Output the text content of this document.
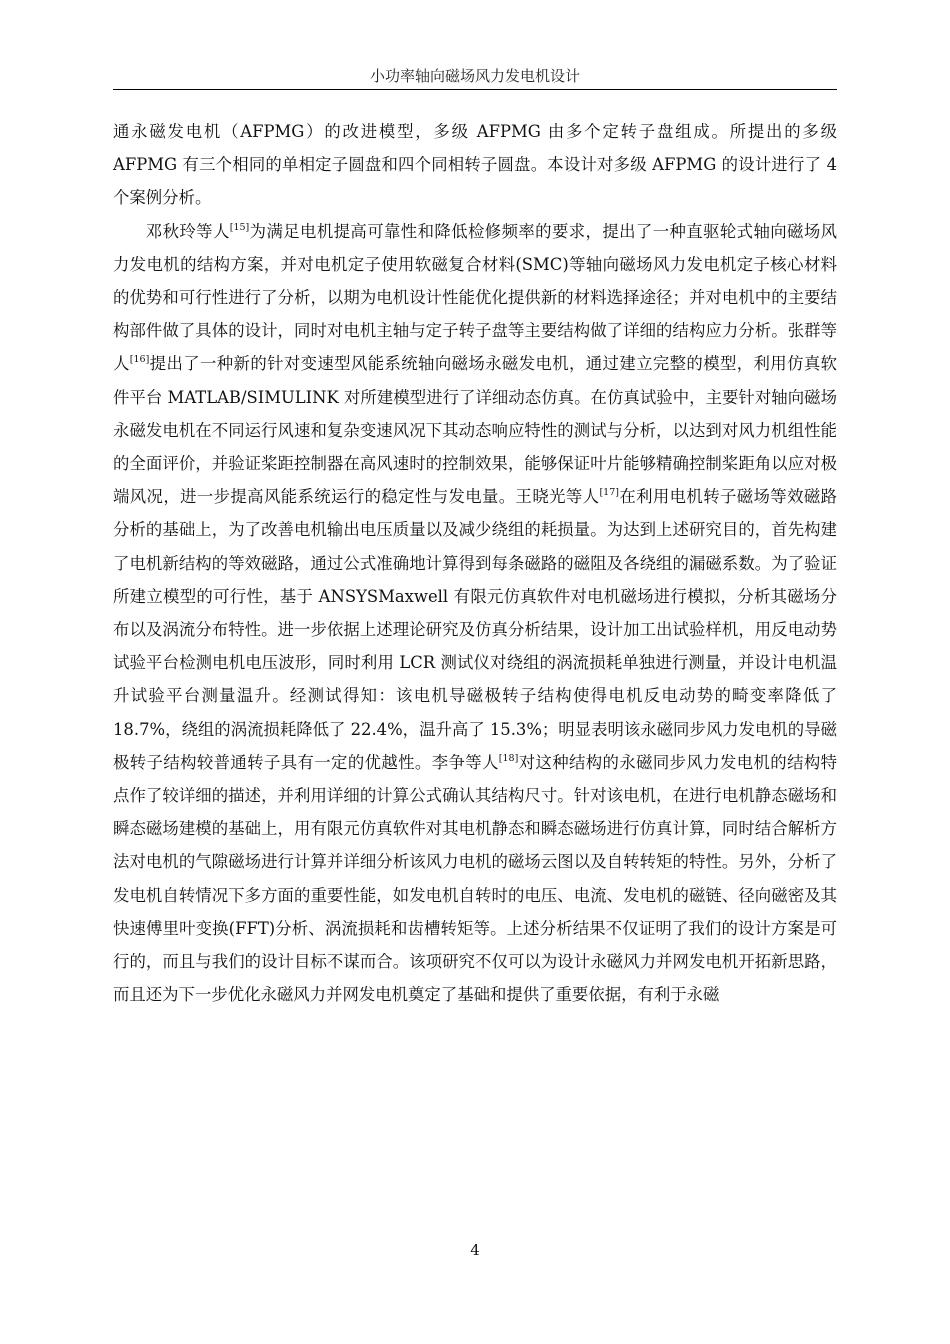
小功率轴向磁场风力发电机设计

通永磁发电机（AFPMG）的改进模型，多级 AFPMG 由多个定转子盘组成。所提出的多级 AFPMG 有三个相同的单相定子圆盘和四个同相转子圆盘。本设计对多级 AFPMG 的设计进行了 4 个案例分析。

邓秋玲等人[15]为满足电机提高可靠性和降低检修频率的要求，提出了一种直驱轮式轴向磁场风力发电机的结构方案，并对电机定子使用软磁复合材料(SMC)等轴向磁场风力发电机定子核心材料的优势和可行性进行了分析，以期为电机设计性能优化提供新的材料选择途径；并对电机中的主要结构部件做了具体的设计，同时对电机主轴与定子转子盘等主要结构做了详细的结构应力分析。张群等人[16]提出了一种新的针对变速型风能系统轴向磁场永磁发电机，通过建立完整的模型，利用仿真软件平台 MATLAB/SIMULINK 对所建模型进行了详细动态仿真。在仿真试验中，主要针对轴向磁场永磁发电机在不同运行风速和复杂变速风况下其动态响应特性的测试与分析，以达到对风力机组性能的全面评价，并验证桨距控制器在高风速时的控制效果，能够保证叶片能够精确控制桨距角以应对极端风况，进一步提高风能系统运行的稳定性与发电量。王晓光等人[17]在利用电机转子磁场等效磁路分析的基础上，为了改善电机输出电压质量以及减少绕组的耗损量。为达到上述研究目的，首先构建了电机新结构的等效磁路，通过公式准确地计算得到每条磁路的磁阻及各绕组的漏磁系数。为了验证所建立模型的可行性，基于 ANSYSMaxwell 有限元仿真软件对电机磁场进行模拟，分析其磁场分布以及涡流分布特性。进一步依据上述理论研究及仿真分析结果，设计加工出试验样机，用反电动势试验平台检测电机电压波形，同时利用 LCR 测试仪对绕组的涡流损耗单独进行测量，并设计电机温升试验平台测量温升。经测试得知：该电机导磁极转子结构使得电机反电动势的畸变率降低了 18.7%，绕组的涡流损耗降低了 22.4%，温升高了 15.3%；明显表明该永磁同步风力发电机的导磁极转子结构较普通转子具有一定的优越性。李争等人[18]对这种结构的永磁同步风力发电机的结构特点作了较详细的描述，并利用详细的计算公式确认其结构尺寸。针对该电机，在进行电机静态磁场和瞬态磁场建模的基础上，用有限元仿真软件对其电机静态和瞬态磁场进行仿真计算，同时结合解析方法对电机的气隙磁场进行计算并详细分析该风力电机的磁场云图以及自转转矩的特性。另外，分析了发电机自转情况下多方面的重要性能，如发电机自转时的电压、电流、发电机的磁链、径向磁密及其快速傅里叶变换(FFT)分析、涡流损耗和齿槽转矩等。上述分析结果不仅证明了我们的设计方案是可行的，而且与我们的设计目标不谋而合。该项研究不仅可以为设计永磁风力并网发电机开拓新思路，而且还为下一步优化永磁风力并网发电机奠定了基础和提供了重要依据，有利于永磁

4
